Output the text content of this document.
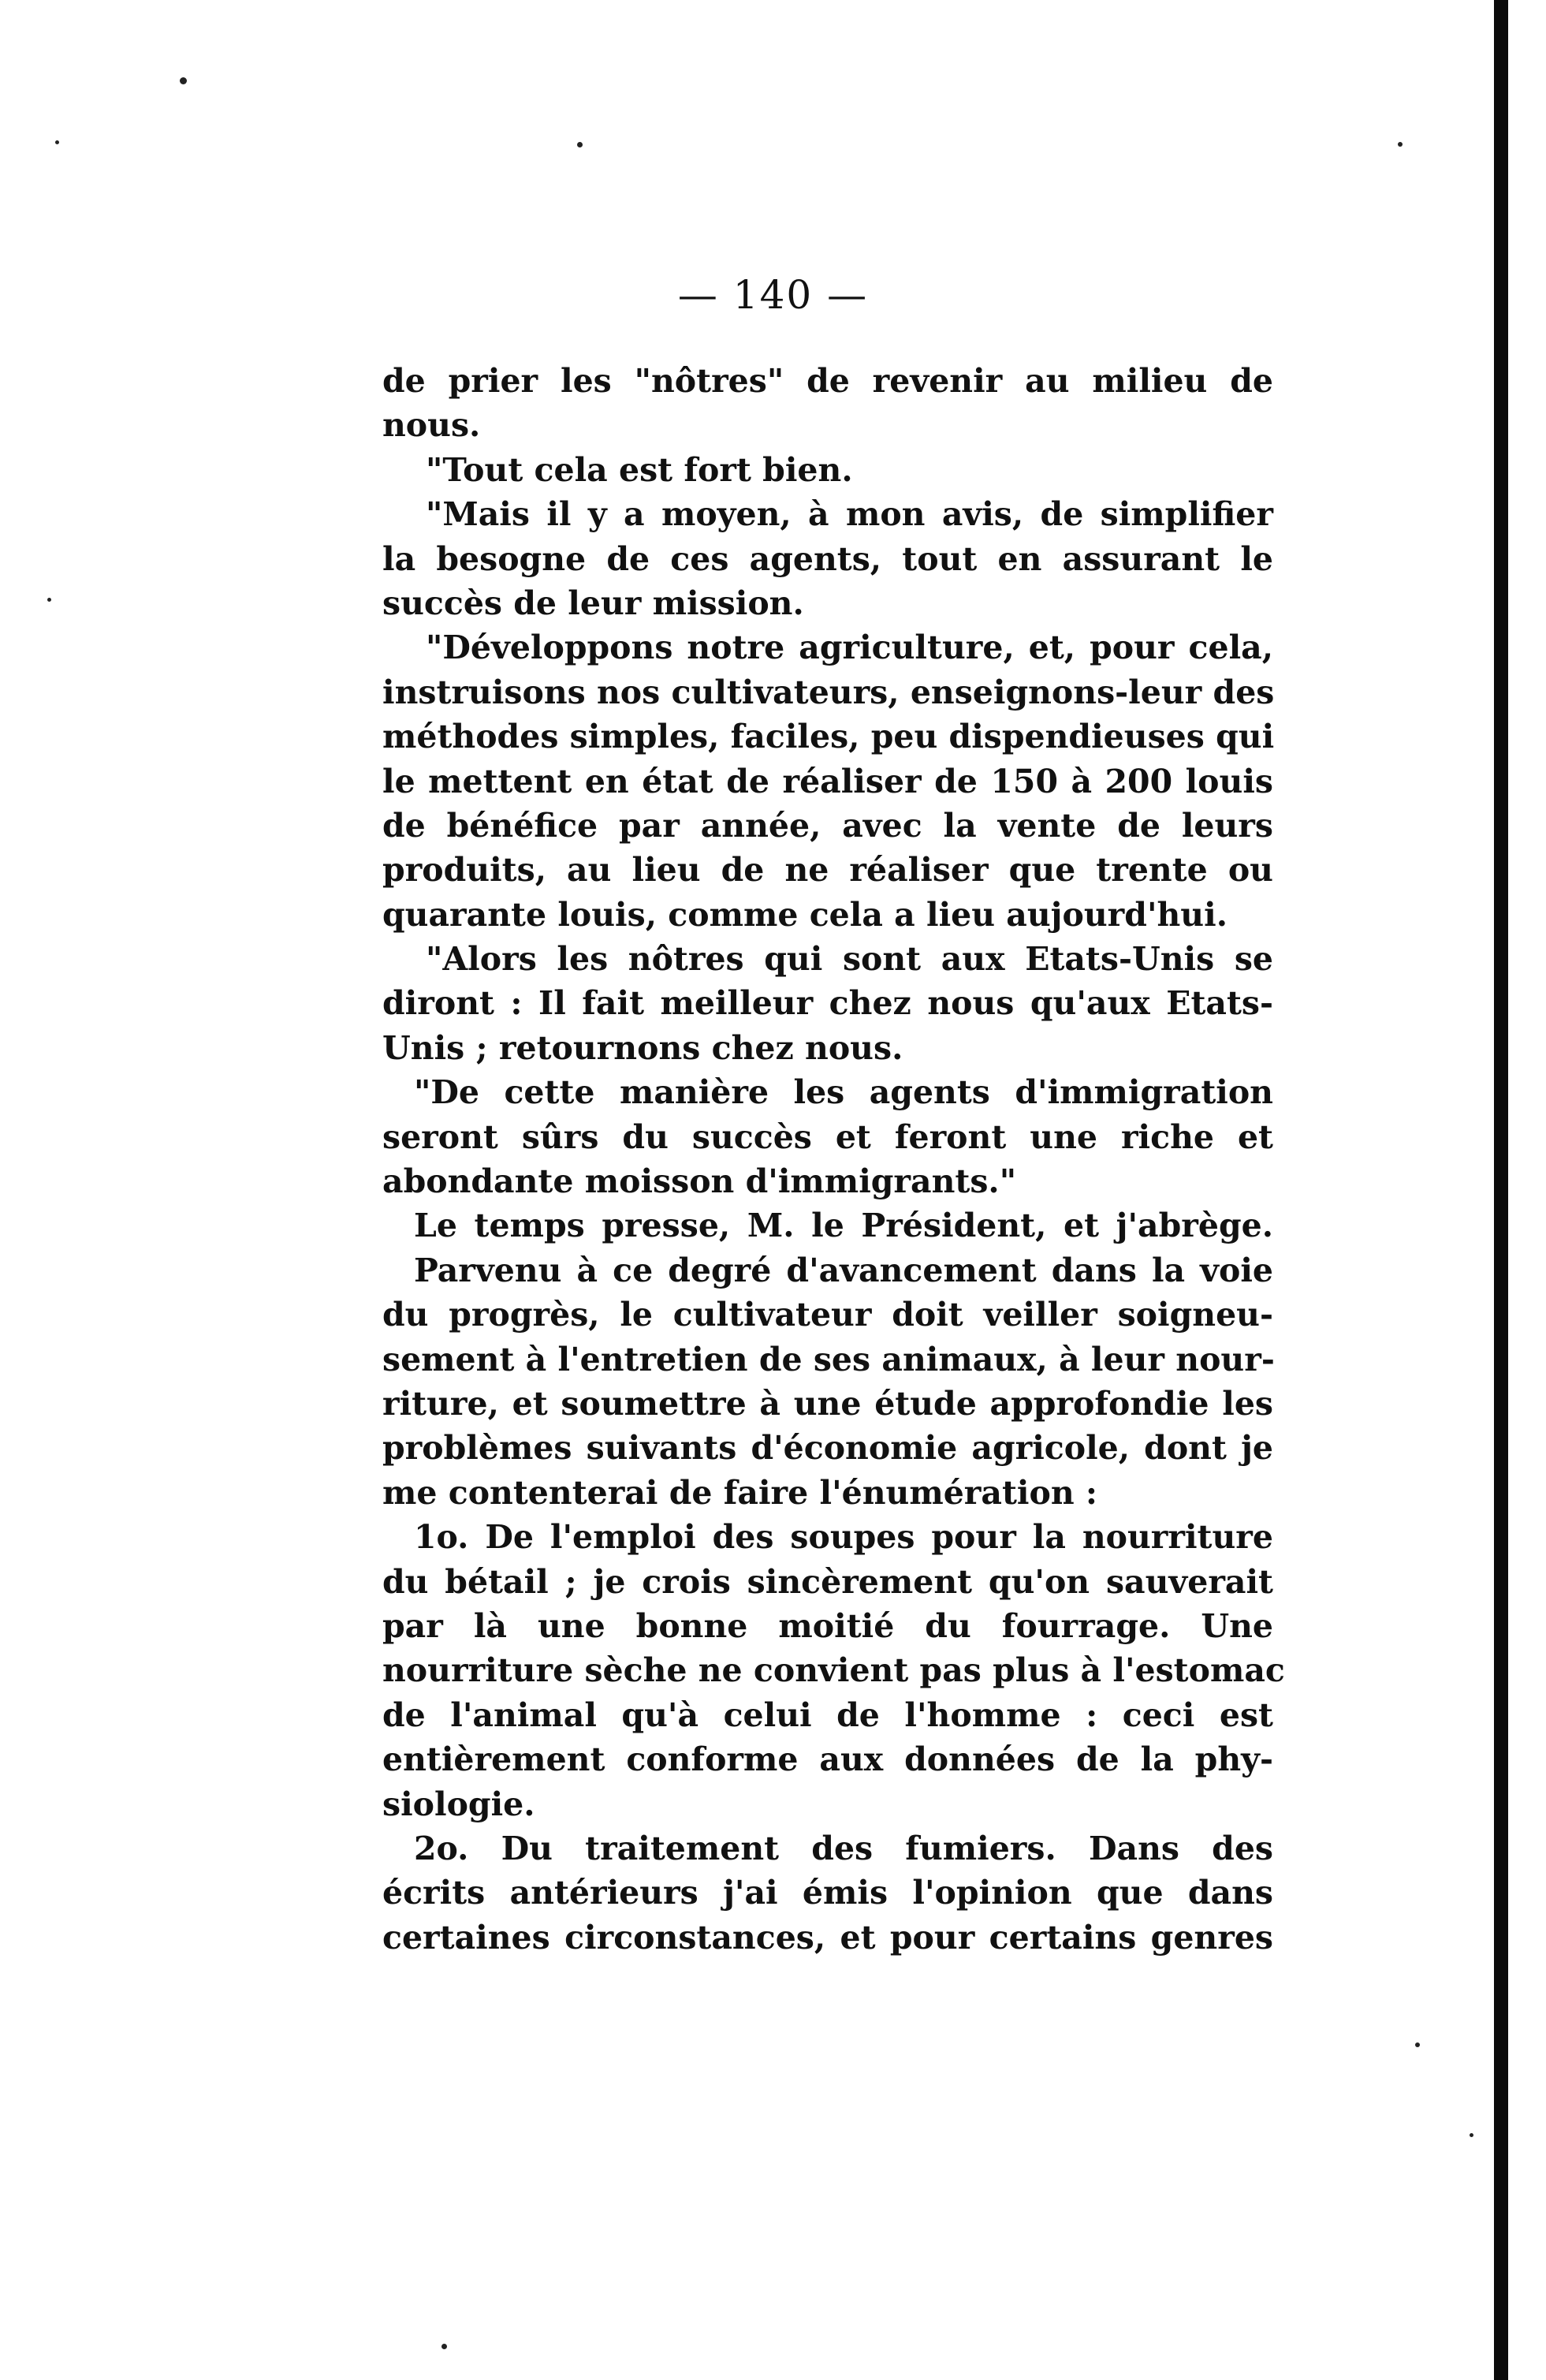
— 140 —
de prier les "nôtres" de revenir au milieu de
nous.
"Tout cela est fort bien.
"Mais il y a moyen, à mon avis, de simplifier
la besogne de ces agents, tout en assurant le
succès de leur mission.
"Développons notre agriculture, et, pour cela,
instruisons nos cultivateurs, enseignons-leur des
méthodes simples, faciles, peu dispendieuses qui
le mettent en état de réaliser de 150 à 200 louis
de bénéfice par année, avec la vente de leurs
produits, au lieu de ne réaliser que trente ou
quarante louis, comme cela a lieu aujourd'hui.
"Alors les nôtres qui sont aux Etats-Unis se
diront : Il fait meilleur chez nous qu'aux Etats-
Unis ; retournons chez nous.
"De cette manière les agents d'immigration
seront sûrs du succès et feront une riche et
abondante moisson d'immigrants."
Le temps presse, M. le Président, et j'abrège.
Parvenu à ce degré d'avancement dans la voie
du progrès, le cultivateur doit veiller soigneu-
sement à l'entretien de ses animaux, à leur nour-
riture, et soumettre à une étude approfondie les
problèmes suivants d'économie agricole, dont je
me contenterai de faire l'énumération :
1o. De l'emploi des soupes pour la nourriture
du bétail ; je crois sincèrement qu'on sauverait
par là une bonne moitié du fourrage. Une
nourriture sèche ne convient pas plus à l'estomac
de l'animal qu'à celui de l'homme : ceci est
entièrement conforme aux données de la phy-
siologie.
2o. Du traitement des fumiers. Dans des
écrits antérieurs j'ai émis l'opinion que dans
certaines circonstances, et pour certains genres
